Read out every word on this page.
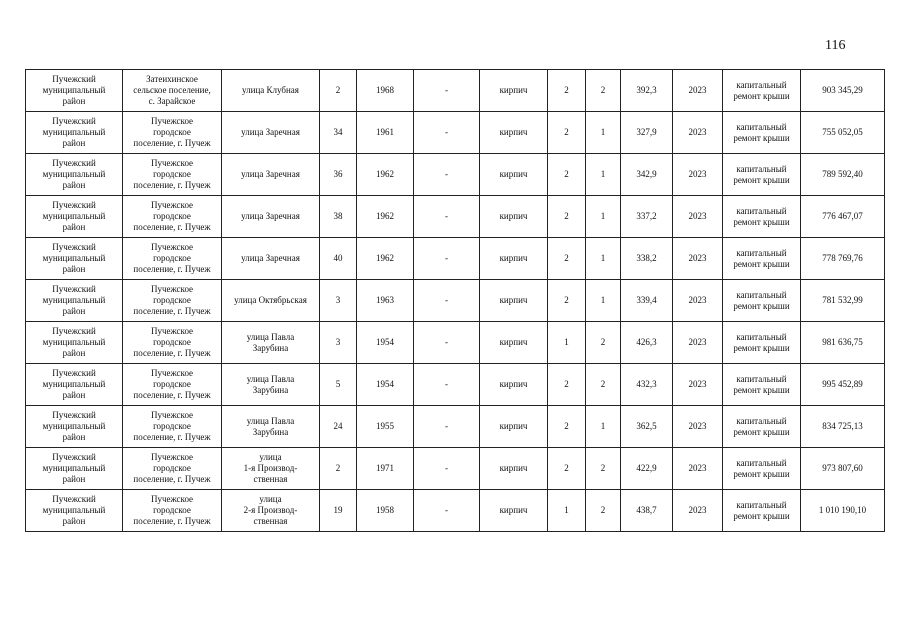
116
Пучежский
муниципальный
район	Затеихинское
сельское поселение,
с. Зарайское	улица Клубная	2	1968	-	кирпич	2	2	392,3	2023	капитальный
ремонт крыши	903 345,29
Пучежский
муниципальный
район	Пучежское
городское
поселение, г. Пучеж	улица Заречная	34	1961	-	кирпич	2	1	327,9	2023	капитальный
ремонт крыши	755 052,05
Пучежский
муниципальный
район	Пучежское
городское
поселение, г. Пучеж	улица Заречная	36	1962	-	кирпич	2	1	342,9	2023	капитальный
ремонт крыши	789 592,40
Пучежский
муниципальный
район	Пучежское
городское
поселение, г. Пучеж	улица Заречная	38	1962	-	кирпич	2	1	337,2	2023	капитальный
ремонт крыши	776 467,07
Пучежский
муниципальный
район	Пучежское
городское
поселение, г. Пучеж	улица Заречная	40	1962	-	кирпич	2	1	338,2	2023	капитальный
ремонт крыши	778 769,76
Пучежский
муниципальный
район	Пучежское
городское
поселение, г. Пучеж	улица Октябрьская	3	1963	-	кирпич	2	1	339,4	2023	капитальный
ремонт крыши	781 532,99
Пучежский
муниципальный
район	Пучежское
городское
поселение, г. Пучеж	улица Павла
Зарубина	3	1954	-	кирпич	1	2	426,3	2023	капитальный
ремонт крыши	981 636,75
Пучежский
муниципальный
район	Пучежское
городское
поселение, г. Пучеж	улица Павла
Зарубина	5	1954	-	кирпич	2	2	432,3	2023	капитальный
ремонт крыши	995 452,89
Пучежский
муниципальный
район	Пучежское
городское
поселение, г. Пучеж	улица Павла
Зарубина	24	1955	-	кирпич	2	1	362,5	2023	капитальный
ремонт крыши	834 725,13
Пучежский
муниципальный
район	Пучежское
городское
поселение, г. Пучеж	улица
1-я Производ-
ственная	2	1971	-	кирпич	2	2	422,9	2023	капитальный
ремонт крыши	973 807,60
Пучежский
муниципальный
район	Пучежское
городское
поселение, г. Пучеж	улица
2-я Производ-
ственная	19	1958	-	кирпич	1	2	438,7	2023	капитальный
ремонт крыши	1 010 190,10
